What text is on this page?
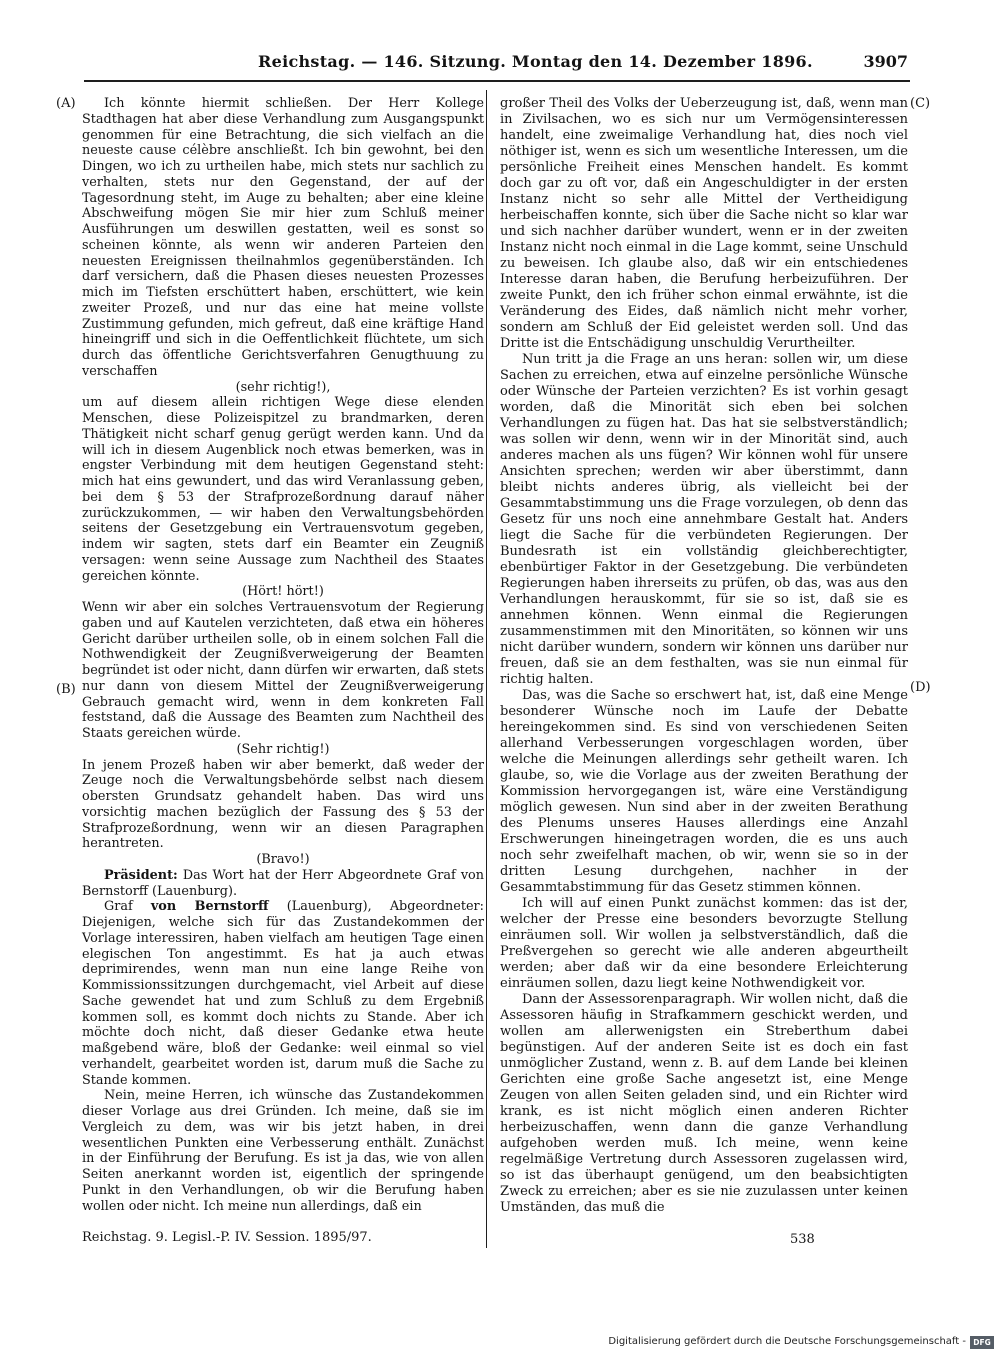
Reichstag. — 146. Sitzung. Montag den 14. Dezember 1896.	3907
(A)
(B)
(C)
(D)

Ich könnte hiermit schließen. Der Herr Kollege Stadthagen hat aber diese Verhandlung zum Ausgangspunkt genommen für eine Betrachtung, die sich vielfach an die neueste cause célèbre anschließt. Ich bin gewohnt, bei den Dingen, wo ich zu urtheilen habe, mich stets nur sachlich zu verhalten, stets nur den Gegenstand, der auf der Tagesordnung steht, im Auge zu behalten; aber eine kleine Abschweifung mögen Sie mir hier zum Schluß meiner Ausführungen um deswillen gestatten, weil es sonst so scheinen könnte, als wenn wir anderen Parteien den neuesten Ereignissen theilnahmlos gegenüberständen. Ich darf versichern, daß die Phasen dieses neuesten Prozesses mich im Tiefsten erschüttert haben, erschüttert, wie kein zweiter Prozeß, und nur das eine hat meine vollste Zustimmung gefunden, mich gefreut, daß eine kräftige Hand hineingriff und sich in die Oeffentlichkeit flüchtete, um sich durch das öffentliche Gerichtsverfahren Genugthuung zu verschaffen

(sehr richtig!),

um auf diesem allein richtigen Wege diese elenden Menschen, diese Polizeispitzel zu brandmarken, deren Thätigkeit nicht scharf genug gerügt werden kann. Und da will ich in diesem Augenblick noch etwas bemerken, was in engster Verbindung mit dem heutigen Gegenstand steht: mich hat eins gewundert, und das wird Veranlassung geben, bei dem § 53 der Strafprozeßordnung darauf näher zurückzukommen, — wir haben den Verwaltungsbehörden seitens der Gesetzgebung ein Vertrauensvotum gegeben, indem wir sagten, stets darf ein Beamter ein Zeugniß versagen: wenn seine Aussage zum Nachtheil des Staates gereichen könnte.

(Hört! hört!)

Wenn wir aber ein solches Vertrauensvotum der Regierung gaben und auf Kautelen verzichteten, daß etwa ein höheres Gericht darüber urtheilen solle, ob in einem solchen Fall die Nothwendigkeit der Zeugnißverweigerung der Beamten begründet ist oder nicht, dann dürfen wir erwarten, daß stets nur dann von diesem Mittel der Zeugnißverweigerung Gebrauch gemacht wird, wenn in dem konkreten Fall feststand, daß die Aussage des Beamten zum Nachtheil des Staats gereichen würde.

(Sehr richtig!)

In jenem Prozeß haben wir aber bemerkt, daß weder der Zeuge noch die Verwaltungsbehörde selbst nach diesem obersten Grundsatz gehandelt haben. Das wird uns vorsichtig machen bezüglich der Fassung des § 53 der Strafprozeßordnung, wenn wir an diesen Paragraphen herantreten.

(Bravo!)

Präsident: Das Wort hat der Herr Abgeordnete Graf von Bernstorff (Lauenburg).

Graf von Bernstorff (Lauenburg), Abgeordneter: Diejenigen, welche sich für das Zustandekommen der Vorlage interessiren, haben vielfach am heutigen Tage einen elegischen Ton angestimmt. Es hat ja auch etwas deprimirendes, wenn man nun eine lange Reihe von Kommissionssitzungen durchgemacht, viel Arbeit auf diese Sache gewendet hat und zum Schluß zu dem Ergebniß kommen soll, es kommt doch nichts zu Stande. Aber ich möchte doch nicht, daß dieser Gedanke etwa heute maßgebend wäre, bloß der Gedanke: weil einmal so viel verhandelt, gearbeitet worden ist, darum muß die Sache zu Stande kommen.

Nein, meine Herren, ich wünsche das Zustandekommen dieser Vorlage aus drei Gründen. Ich meine, daß sie im Vergleich zu dem, was wir bis jetzt haben, in drei wesentlichen Punkten eine Verbesserung enthält. Zunächst in der Einführung der Berufung. Es ist ja das, wie von allen Seiten anerkannt worden ist, eigentlich der springende Punkt in den Verhandlungen, ob wir die Berufung haben wollen oder nicht. Ich meine nun allerdings, daß ein

großer Theil des Volks der Ueberzeugung ist, daß, wenn man in Zivilsachen, wo es sich nur um Vermögensinteressen handelt, eine zweimalige Verhandlung hat, dies noch viel nöthiger ist, wenn es sich um wesentliche Interessen, um die persönliche Freiheit eines Menschen handelt. Es kommt doch gar zu oft vor, daß ein Angeschuldigter in der ersten Instanz nicht so sehr alle Mittel der Vertheidigung herbeischaffen konnte, sich über die Sache nicht so klar war und sich nachher darüber wundert, wenn er in der zweiten Instanz nicht noch einmal in die Lage kommt, seine Unschuld zu beweisen. Ich glaube also, daß wir ein entschiedenes Interesse daran haben, die Berufung herbeizuführen. Der zweite Punkt, den ich früher schon einmal erwähnte, ist die Veränderung des Eides, daß nämlich nicht mehr vorher, sondern am Schluß der Eid geleistet werden soll. Und das Dritte ist die Entschädigung unschuldig Verurtheilter.

Nun tritt ja die Frage an uns heran: sollen wir, um diese Sachen zu erreichen, etwa auf einzelne persönliche Wünsche oder Wünsche der Parteien verzichten? Es ist vorhin gesagt worden, daß die Minorität sich eben bei solchen Verhandlungen zu fügen hat. Das hat sie selbstverständlich; was sollen wir denn, wenn wir in der Minorität sind, auch anderes machen als uns fügen? Wir können wohl für unsere Ansichten sprechen; werden wir aber überstimmt, dann bleibt nichts anderes übrig, als vielleicht bei der Gesammtabstimmung uns die Frage vorzulegen, ob denn das Gesetz für uns noch eine annehmbare Gestalt hat. Anders liegt die Sache für die verbündeten Regierungen. Der Bundesrath ist ein vollständig gleichberechtigter, ebenbürtiger Faktor in der Gesetzgebung. Die verbündeten Regierungen haben ihrerseits zu prüfen, ob das, was aus den Verhandlungen herauskommt, für sie so ist, daß sie es annehmen können. Wenn einmal die Regierungen zusammenstimmen mit den Minoritäten, so können wir uns nicht darüber wundern, sondern wir können uns darüber nur freuen, daß sie an dem festhalten, was sie nun einmal für richtig halten.

Das, was die Sache so erschwert hat, ist, daß eine Menge besonderer Wünsche noch im Laufe der Debatte hereingekommen sind. Es sind von verschiedenen Seiten allerhand Verbesserungen vorgeschlagen worden, über welche die Meinungen allerdings sehr getheilt waren. Ich glaube, so, wie die Vorlage aus der zweiten Berathung der Kommission hervorgegangen ist, wäre eine Verständigung möglich gewesen. Nun sind aber in der zweiten Berathung des Plenums unseres Hauses allerdings eine Anzahl Erschwerungen hineingetragen worden, die es uns auch noch sehr zweifelhaft machen, ob wir, wenn sie so in der dritten Lesung durchgehen, nachher in der Gesammtabstimmung für das Gesetz stimmen können.

Ich will auf einen Punkt zunächst kommen: das ist der, welcher der Presse eine besonders bevorzugte Stellung einräumen soll. Wir wollen ja selbstverständlich, daß die Preßvergehen so gerecht wie alle anderen abgeurtheilt werden; aber daß wir da eine besondere Erleichterung einräumen sollen, dazu liegt keine Nothwendigkeit vor.

Dann der Assessorenparagraph. Wir wollen nicht, daß die Assessoren häufig in Strafkammern geschickt werden, und wollen am allerwenigsten ein Streberthum dabei begünstigen. Auf der anderen Seite ist es doch ein fast unmöglicher Zustand, wenn z. B. auf dem Lande bei kleinen Gerichten eine große Sache angesetzt ist, eine Menge Zeugen von allen Seiten geladen sind, und ein Richter wird krank, es ist nicht möglich einen anderen Richter herbeizuschaffen, wenn dann die ganze Verhandlung aufgehoben werden muß. Ich meine, wenn keine regelmäßige Vertretung durch Assessoren zugelassen wird, so ist das überhaupt genügend, um den beabsichtigten Zweck zu erreichen; aber es sie nie zuzulassen unter keinen Umständen, das muß die

Reichstag. 9. Legisl.-P. IV. Session. 1895/97.	538
Digitalisierung gefördert durch die Deutsche Forschungsgemeinschaft - DFG
